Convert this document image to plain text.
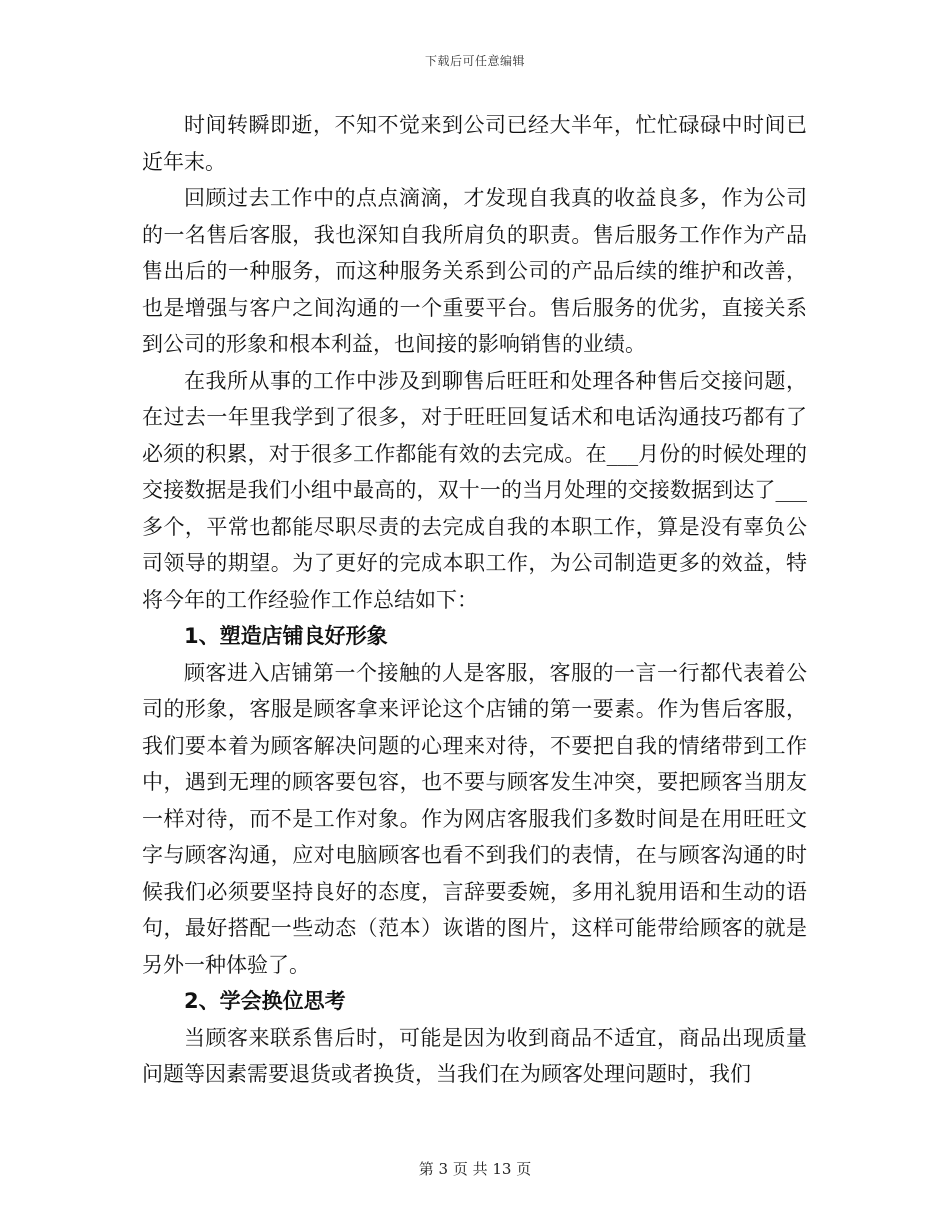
下载后可任意编辑

时间转瞬即逝，不知不觉来到公司已经大半年，忙忙碌碌中时间已近年末。

回顾过去工作中的点点滴滴，才发现自我真的收益良多，作为公司的一名售后客服，我也深知自我所肩负的职责。售后服务工作作为产品售出后的一种服务，而这种服务关系到公司的产品后续的维护和改善，也是增强与客户之间沟通的一个重要平台。售后服务的优劣，直接关系到公司的形象和根本利益，也间接的影响销售的业绩。

在我所从事的工作中涉及到聊售后旺旺和处理各种售后交接问题，在过去一年里我学到了很多，对于旺旺回复话术和电话沟通技巧都有了必须的积累，对于很多工作都能有效的去完成。在___月份的时候处理的交接数据是我们小组中最高的，双十一的当月处理的交接数据到达了___多个，平常也都能尽职尽责的去完成自我的本职工作，算是没有辜负公司领导的期望。为了更好的完成本职工作，为公司制造更多的效益，特将今年的工作经验作工作总结如下：

1、塑造店铺良好形象

顾客进入店铺第一个接触的人是客服，客服的一言一行都代表着公司的形象，客服是顾客拿来评论这个店铺的第一要素。作为售后客服，我们要本着为顾客解决问题的心理来对待，不要把自我的情绪带到工作中，遇到无理的顾客要包容，也不要与顾客发生冲突，要把顾客当朋友一样对待，而不是工作对象。作为网店客服我们多数时间是在用旺旺文字与顾客沟通，应对电脑顾客也看不到我们的表情，在与顾客沟通的时候我们必须要坚持良好的态度，言辞要委婉，多用礼貌用语和生动的语句，最好搭配一些动态（范本）诙谐的图片，这样可能带给顾客的就是另外一种体验了。

2、学会换位思考

当顾客来联系售后时，可能是因为收到商品不适宜，商品出现质量问题等因素需要退货或者换货，当我们在为顾客处理问题时，我们

第 3 页 共 13 页
